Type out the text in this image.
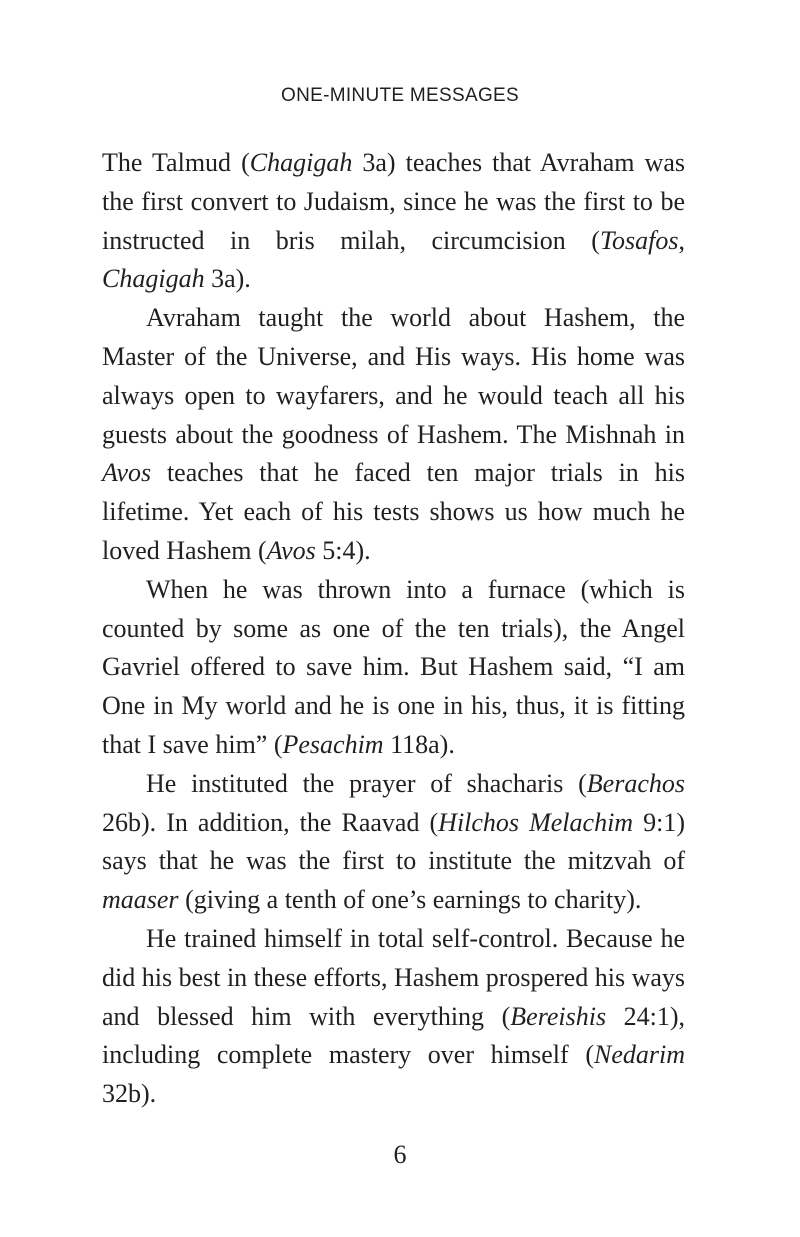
ONE-MINUTE MESSAGES

The Talmud (Chagigah 3a) teaches that Avraham was the first convert to Judaism, since he was the first to be instructed in bris milah, circumcision (Tosafos, Chagigah 3a).

Avraham taught the world about Hashem, the Master of the Universe, and His ways. His home was always open to wayfarers, and he would teach all his guests about the goodness of Hashem. The Mishnah in Avos teaches that he faced ten major trials in his lifetime. Yet each of his tests shows us how much he loved Hashem (Avos 5:4).

When he was thrown into a furnace (which is counted by some as one of the ten trials), the Angel Gavriel offered to save him. But Hashem said, “I am One in My world and he is one in his, thus, it is fitting that I save him” (Pesachim 118a).

He instituted the prayer of shacharis (Berachos 26b). In addition, the Raavad (Hilchos Melachim 9:1) says that he was the first to institute the mitzvah of maaser (giving a tenth of one’s earnings to charity).

He trained himself in total self-control. Because he did his best in these efforts, Hashem prospered his ways and blessed him with everything (Bereishis 24:1), including complete mastery over himself (Nedarim 32b).

6
